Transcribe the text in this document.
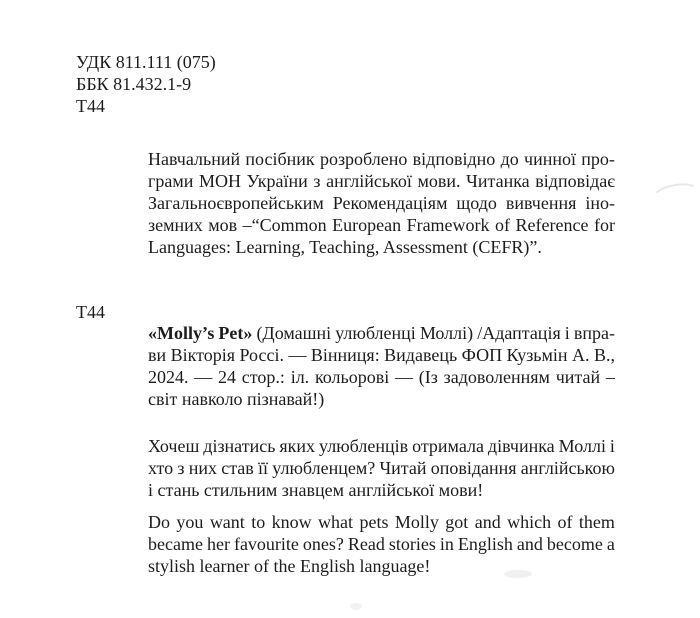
УДК 811.111 (075)
ББК 81.432.1-9
Т44
Т44
Навчальний посібник розроблено відповідно до чинної про-
грами МОН України з англійської мови. Читанка відповідає
Загальноєвропейським Рекомендаціям щодо вивчення іно-
земних мов –“Common European Framework of Reference for
Languages: Learning, Teaching, Assessment (CEFR)”.
«Molly’s Pet» (Домашні улюбленці Моллі) /Адаптація і впра-
ви Вікторія Россі. — Вінниця: Видавець ФОП Кузьмін А. В.,
2024. — 24 стор.: іл. кольорові — (Із задоволенням читай –
світ навколо пізнавай!)
Хочеш дізнатись яких улюбленців отримала дівчинка Моллі і
хто з них став її улюбленцем? Читай оповідання англійською
і стань стильним знавцем англійської мови!
Do you want to know what pets Molly got and which of them
became her favourite ones? Read stories in English and become a
stylish learner of the English language!
